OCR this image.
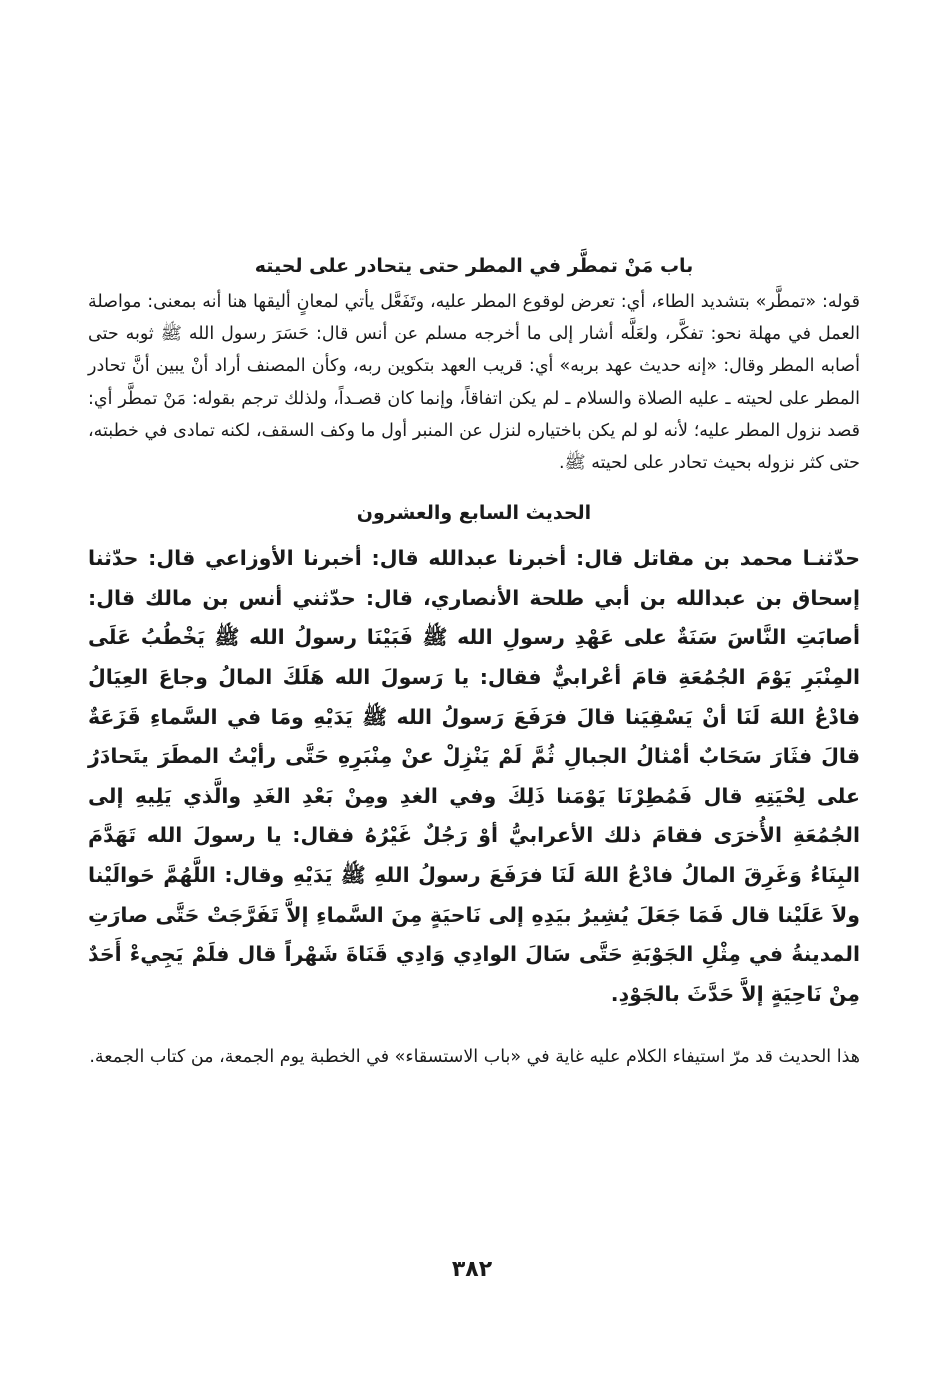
باب مَنْ تمطَّر في المطر حتى يتحادر على لحيته

قوله: «تمطَّر» بتشديد الطاء، أي: تعرض لوقوع المطر عليه، وتَفَعَّل يأتي لمعانٍ أليقها هنا أنه بمعنى: مواصلة العمل في مهلة نحو: تفكَّر، ولعَلَّه أشار إلى ما أخرجه مسلم عن أنس قال: حَسَرَ رسول الله ﷺ ثوبه حتى أصابه المطر وقال: «إنه حديث عهد بربه» أي: قريب العهد بتكوين ربه، وكأن المصنف أراد أنْ يبين أنَّ تحادر المطر على لحيته ـ عليه الصلاة والسلام ـ لم يكن اتفاقاً، وإنما كان قصـداً، ولذلك ترجم بقوله: مَنْ تمطَّر أي: قصد نزول المطر عليه؛ لأنه لو لم يكن باختياره لنزل عن المنبر أول ما وكف السقف، لكنه تمادى في خطبته، حتى كثر نزوله بحيث تحادر على لحيته ﷺ.

الحديث السابع والعشرون

حدّثنـا محمد بن مقاتل قال: أخبرنا عبدالله قال: أخبرنا الأوزاعي قال: حدّثنا إسحاق بن عبدالله بن أبي طلحة الأنصاري، قال: حدّثني أنس بن مالك قال: أصابَتِ النَّاسَ سَنَةٌ على عَهْدِ رسولِ الله ﷺ فَبَيْنَا رسولُ الله ﷺ يَخْطُبُ عَلَى المِنْبَرِ يَوْمَ الجُمُعَةِ قامَ أعْرابيٌّ فقال: يا رَسولَ الله هَلَكَ المالُ وجاعَ العِيَالُ فادْعُ اللهَ لَنَا أنْ يَسْقِيَنا قالَ فرَفَعَ رَسولُ الله ﷺ يَدَيْهِ ومَا في السَّماءِ قَزَعَةٌ قالَ فثَارَ سَحَابٌ أمْثالُ الجبالِ ثُمَّ لَمْ يَنْزِلْ عنْ مِنْبَرِهِ حَتَّى رأيْتُ المطَرَ يتَحادَرُ على لِحْيَتِهِ قال فَمُطِرْنَا يَوْمَنا ذَلِكَ وفي الغدِ ومِنْ بَعْدِ الغَدِ والَّذي يَلِيهِ إلى الجُمُعَةِ الأُخرَى فقامَ ذلك الأعرابيُّ أوْ رَجُلٌ غَيْرُهُ فقال: يا رسولَ الله تَهَدَّمَ البِنَاءُ وَغَرِقَ المالُ فادْعُ اللهَ لَنَا فرَفَعَ رسولُ اللهِ ﷺ يَدَيْهِ وقال: اللَّهُمَّ حَوالَيْنا ولاَ عَلَيْنا قال فَمَا جَعَلَ يُشِيرُ بيَدِهِ إلى نَاحيَةٍ مِنَ السَّماءِ إلاَّ تَفَرَّجَتْ حَتَّى صارَتِ المدينةُ في مِثْلِ الجَوْبَةِ حَتَّى سَالَ الوادِي وَادِي قَنَاةَ شَهْراً قال فلَمْ يَجِيءْ أَحَدٌ مِنْ نَاحِيَةٍ إلاَّ حَدَّثَ بالجَوْدِ.

هذا الحديث قد مرّ استيفاء الكلام عليه غاية في «باب الاستسقاء» في الخطبة يوم الجمعة، من كتاب الجمعة.

٣٨٢
